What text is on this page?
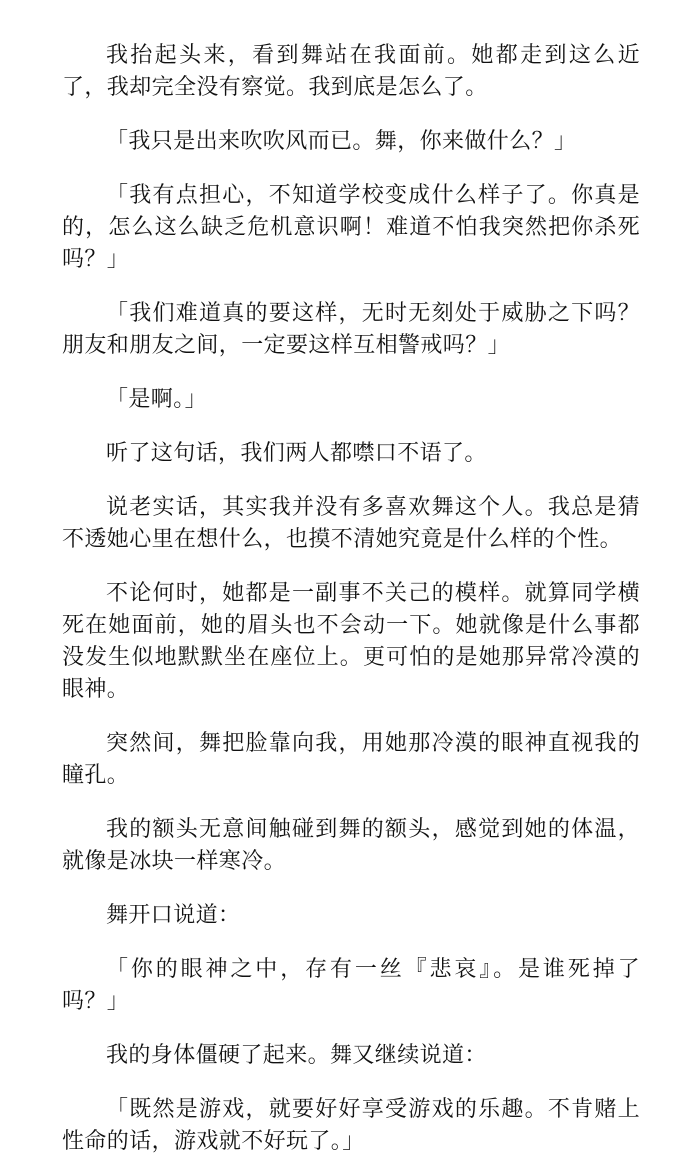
我抬起头来，看到舞站在我面前。她都走到这么近了，我却完全没有察觉。我到底是怎么了。

「我只是出来吹吹风而已。舞，你来做什么？」

「我有点担心，不知道学校变成什么样子了。你真是的，怎么这么缺乏危机意识啊！难道不怕我突然把你杀死吗？」

「我们难道真的要这样，无时无刻处于威胁之下吗？朋友和朋友之间，一定要这样互相警戒吗？」

「是啊。」

听了这句话，我们两人都噤口不语了。

说老实话，其实我并没有多喜欢舞这个人。我总是猜不透她心里在想什么，也摸不清她究竟是什么样的个性。

不论何时，她都是一副事不关己的模样。就算同学横死在她面前，她的眉头也不会动一下。她就像是什么事都没发生似地默默坐在座位上。更可怕的是她那异常冷漠的眼神。

突然间，舞把脸靠向我，用她那冷漠的眼神直视我的瞳孔。

我的额头无意间触碰到舞的额头，感觉到她的体温，就像是冰块一样寒冷。

舞开口说道：

「你的眼神之中，存有一丝『悲哀』。是谁死掉了吗？」

我的身体僵硬了起来。舞又继续说道：

「既然是游戏，就要好好享受游戏的乐趣。不肯赌上性命的话，游戏就不好玩了。」
